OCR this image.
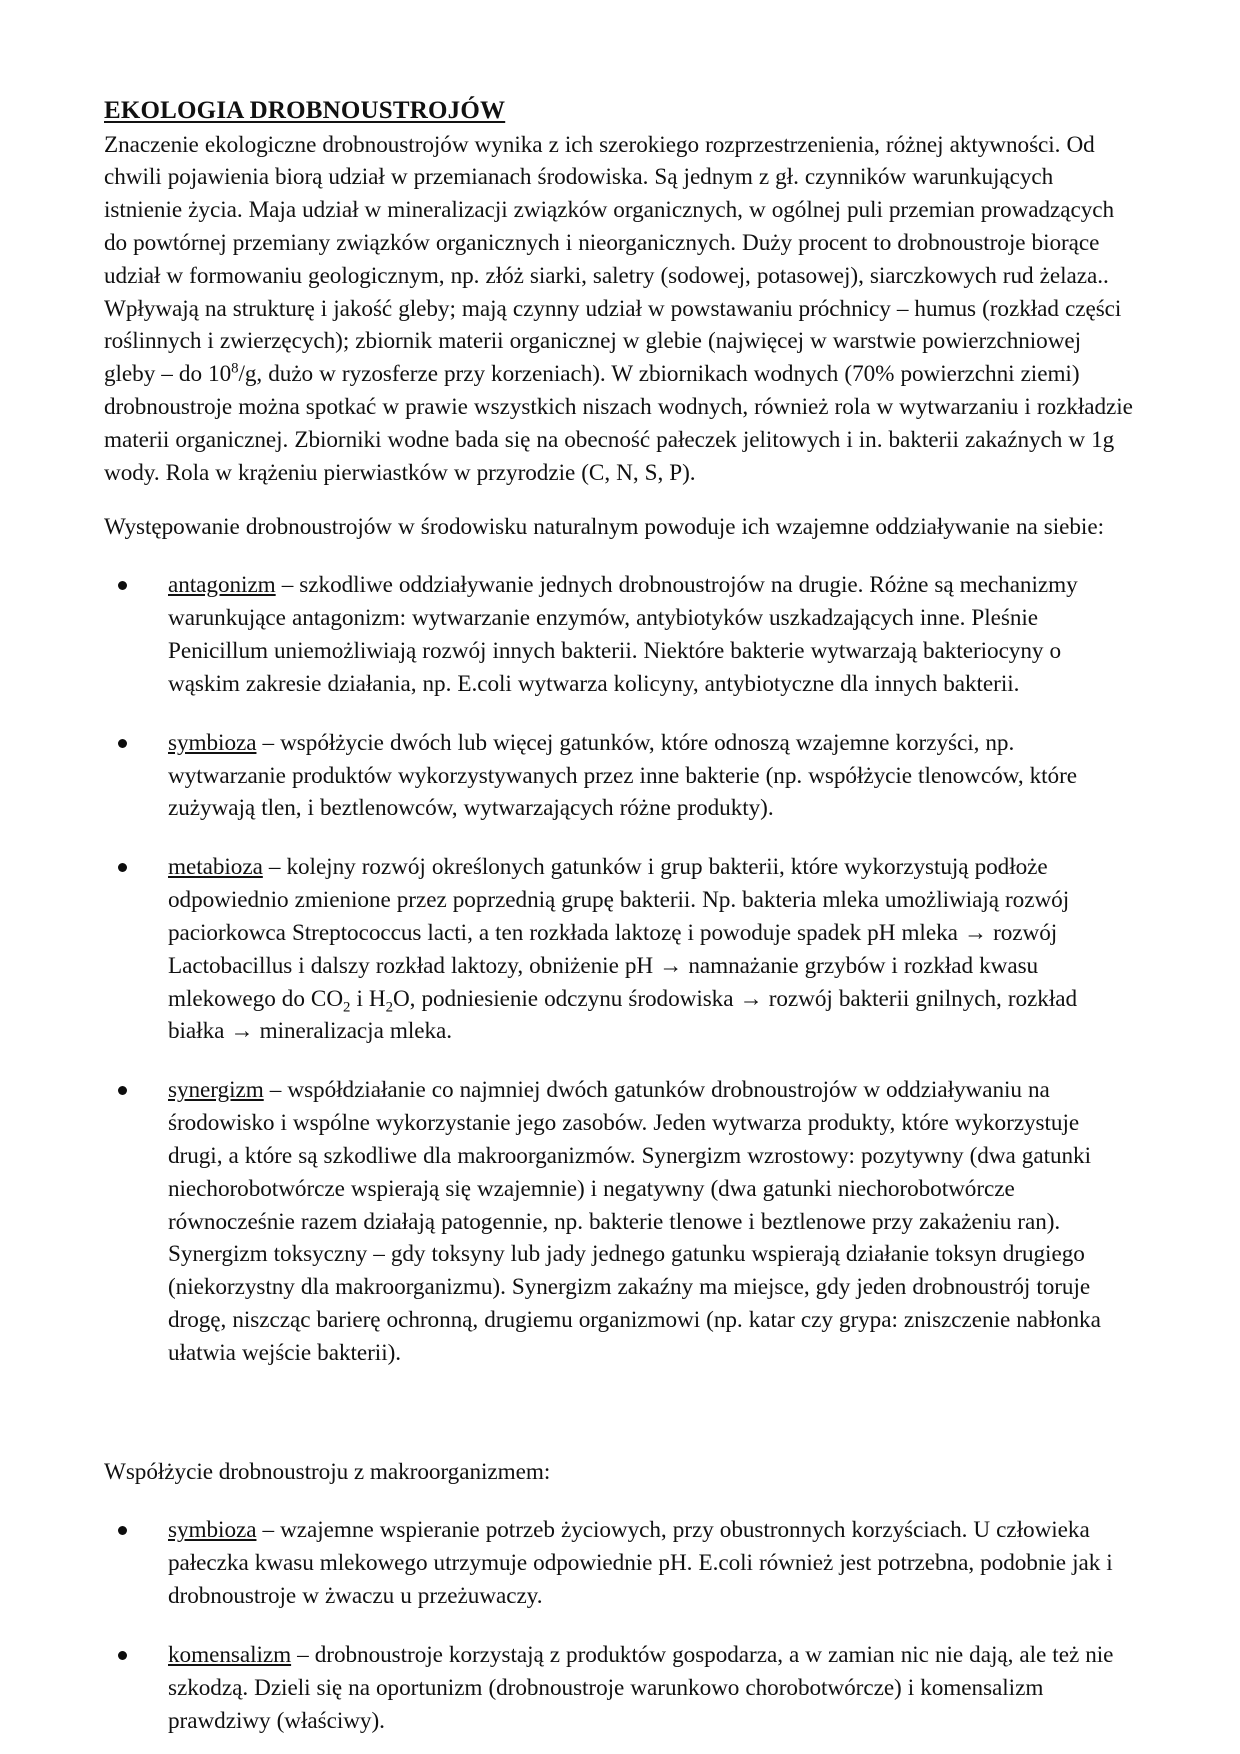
EKOLOGIA DROBNOUSTROJÓW

Znaczenie ekologiczne drobnoustrojów wynika z ich szerokiego rozprzestrzenienia, różnej aktywności. Od chwili pojawienia biorą udział w przemianach środowiska. Są jednym z gł. czynników warunkujących istnienie życia. Maja udział w mineralizacji związków organicznych, w ogólnej puli przemian prowadzących do powtórnej przemiany związków organicznych i nieorganicznych. Duży procent to drobnoustroje biorące udział w formowaniu geologicznym, np. złóż siarki, saletry (sodowej, potasowej), siarczkowych rud żelaza.. Wpływają na strukturę i jakość gleby; mają czynny udział w powstawaniu próchnicy – humus (rozkład części roślinnych i zwierzęcych); zbiornik materii organicznej w glebie (najwięcej w warstwie powierzchniowej gleby – do $10^8/g$, dużo w ryzosferze przy korzeniach). W zbiornikach wodnych (70% powierzchni ziemi) drobnoustroje można spotkać w prawie wszystkich niszach wodnych, również rola w wytwarzaniu i rozkładzie materii organicznej. Zbiorniki wodne bada się na obecność pałeczek jelitowych i in. bakterii zakaźnych w 1g wody. Rola w krążeniu pierwiastków w przyrodzie (C, N, S, P).

Występowanie drobnoustrojów w środowisku naturalnym powoduje ich wzajemne oddziaływanie na siebie:

antagonizm – szkodliwe oddziaływanie jednych drobnoustrojów na drugie. Różne są mechanizmy warunkujące antagonizm: wytwarzanie enzymów, antybiotyków uszkadzających inne. Pleśnie Penicillum uniemożliwiają rozwój innych bakterii. Niektóre bakterie wytwarzają bakteriocyny o wąskim zakresie działania, np. E.coli wytwarza kolicyny, antybiotyczne dla innych bakterii.
symbioza – współżycie dwóch lub więcej gatunków, które odnoszą wzajemne korzyści, np. wytwarzanie produktów wykorzystywanych przez inne bakterie (np. współżycie tlenowców, które zużywają tlen, i beztlenowców, wytwarzających różne produkty).
metabioza – kolejny rozwój określonych gatunków i grup bakterii, które wykorzystują podłoże odpowiednio zmienione przez poprzednią grupę bakterii. Np. bakteria mleka umożliwiają rozwój paciorkowca Streptococcus lacti, a ten rozkłada laktozę i powoduje spadek pH mleka → rozwój Lactobacillus i dalszy rozkład laktozy, obniżenie pH → namnażanie grzybów i rozkład kwasu mlekowego do $CO_2$ i $H_2O$, podniesienie odczynu środowiska → rozwój bakterii gnilnych, rozkład białka → mineralizacja mleka.
synergizm – współdziałanie co najmniej dwóch gatunków drobnoustrojów w oddziaływaniu na środowisko i wspólne wykorzystanie jego zasobów. Jeden wytwarza produkty, które wykorzystuje drugi, a które są szkodliwe dla makroorganizmów. Synergizm wzrostowy: pozytywny (dwa gatunki niechorobotwórcze wspierają się wzajemnie) i negatywny (dwa gatunki niechorobotwórcze równocześnie razem działają patogennie, np. bakterie tlenowe i beztlenowe przy zakażeniu ran). Synergizm toksyczny – gdy toksyny lub jady jednego gatunku wspierają działanie toksyn drugiego (niekorzystny dla makroorganizmu). Synergizm zakaźny ma miejsce, gdy jeden drobnoustrój toruje drogę, niszcząc barierę ochronną, drugiemu organizmowi (np. katar czy grypa: zniszczenie nabłonka ułatwia wejście bakterii).

Współżycie drobnoustroju z makroorganizmem:

symbioza – wzajemne wspieranie potrzeb życiowych, przy obustronnych korzyściach. U człowieka pałeczka kwasu mlekowego utrzymuje odpowiednie pH. E.coli również jest potrzebna, podobnie jak i drobnoustroje w żwaczu u przeżuwaczy.
komensalizm – drobnoustroje korzystają z produktów gospodarza, a w zamian nic nie dają, ale też nie szkodzą. Dzieli się na oportunizm (drobnoustroje warunkowo chorobotwórcze) i komensalizm prawdziwy (właściwy).
